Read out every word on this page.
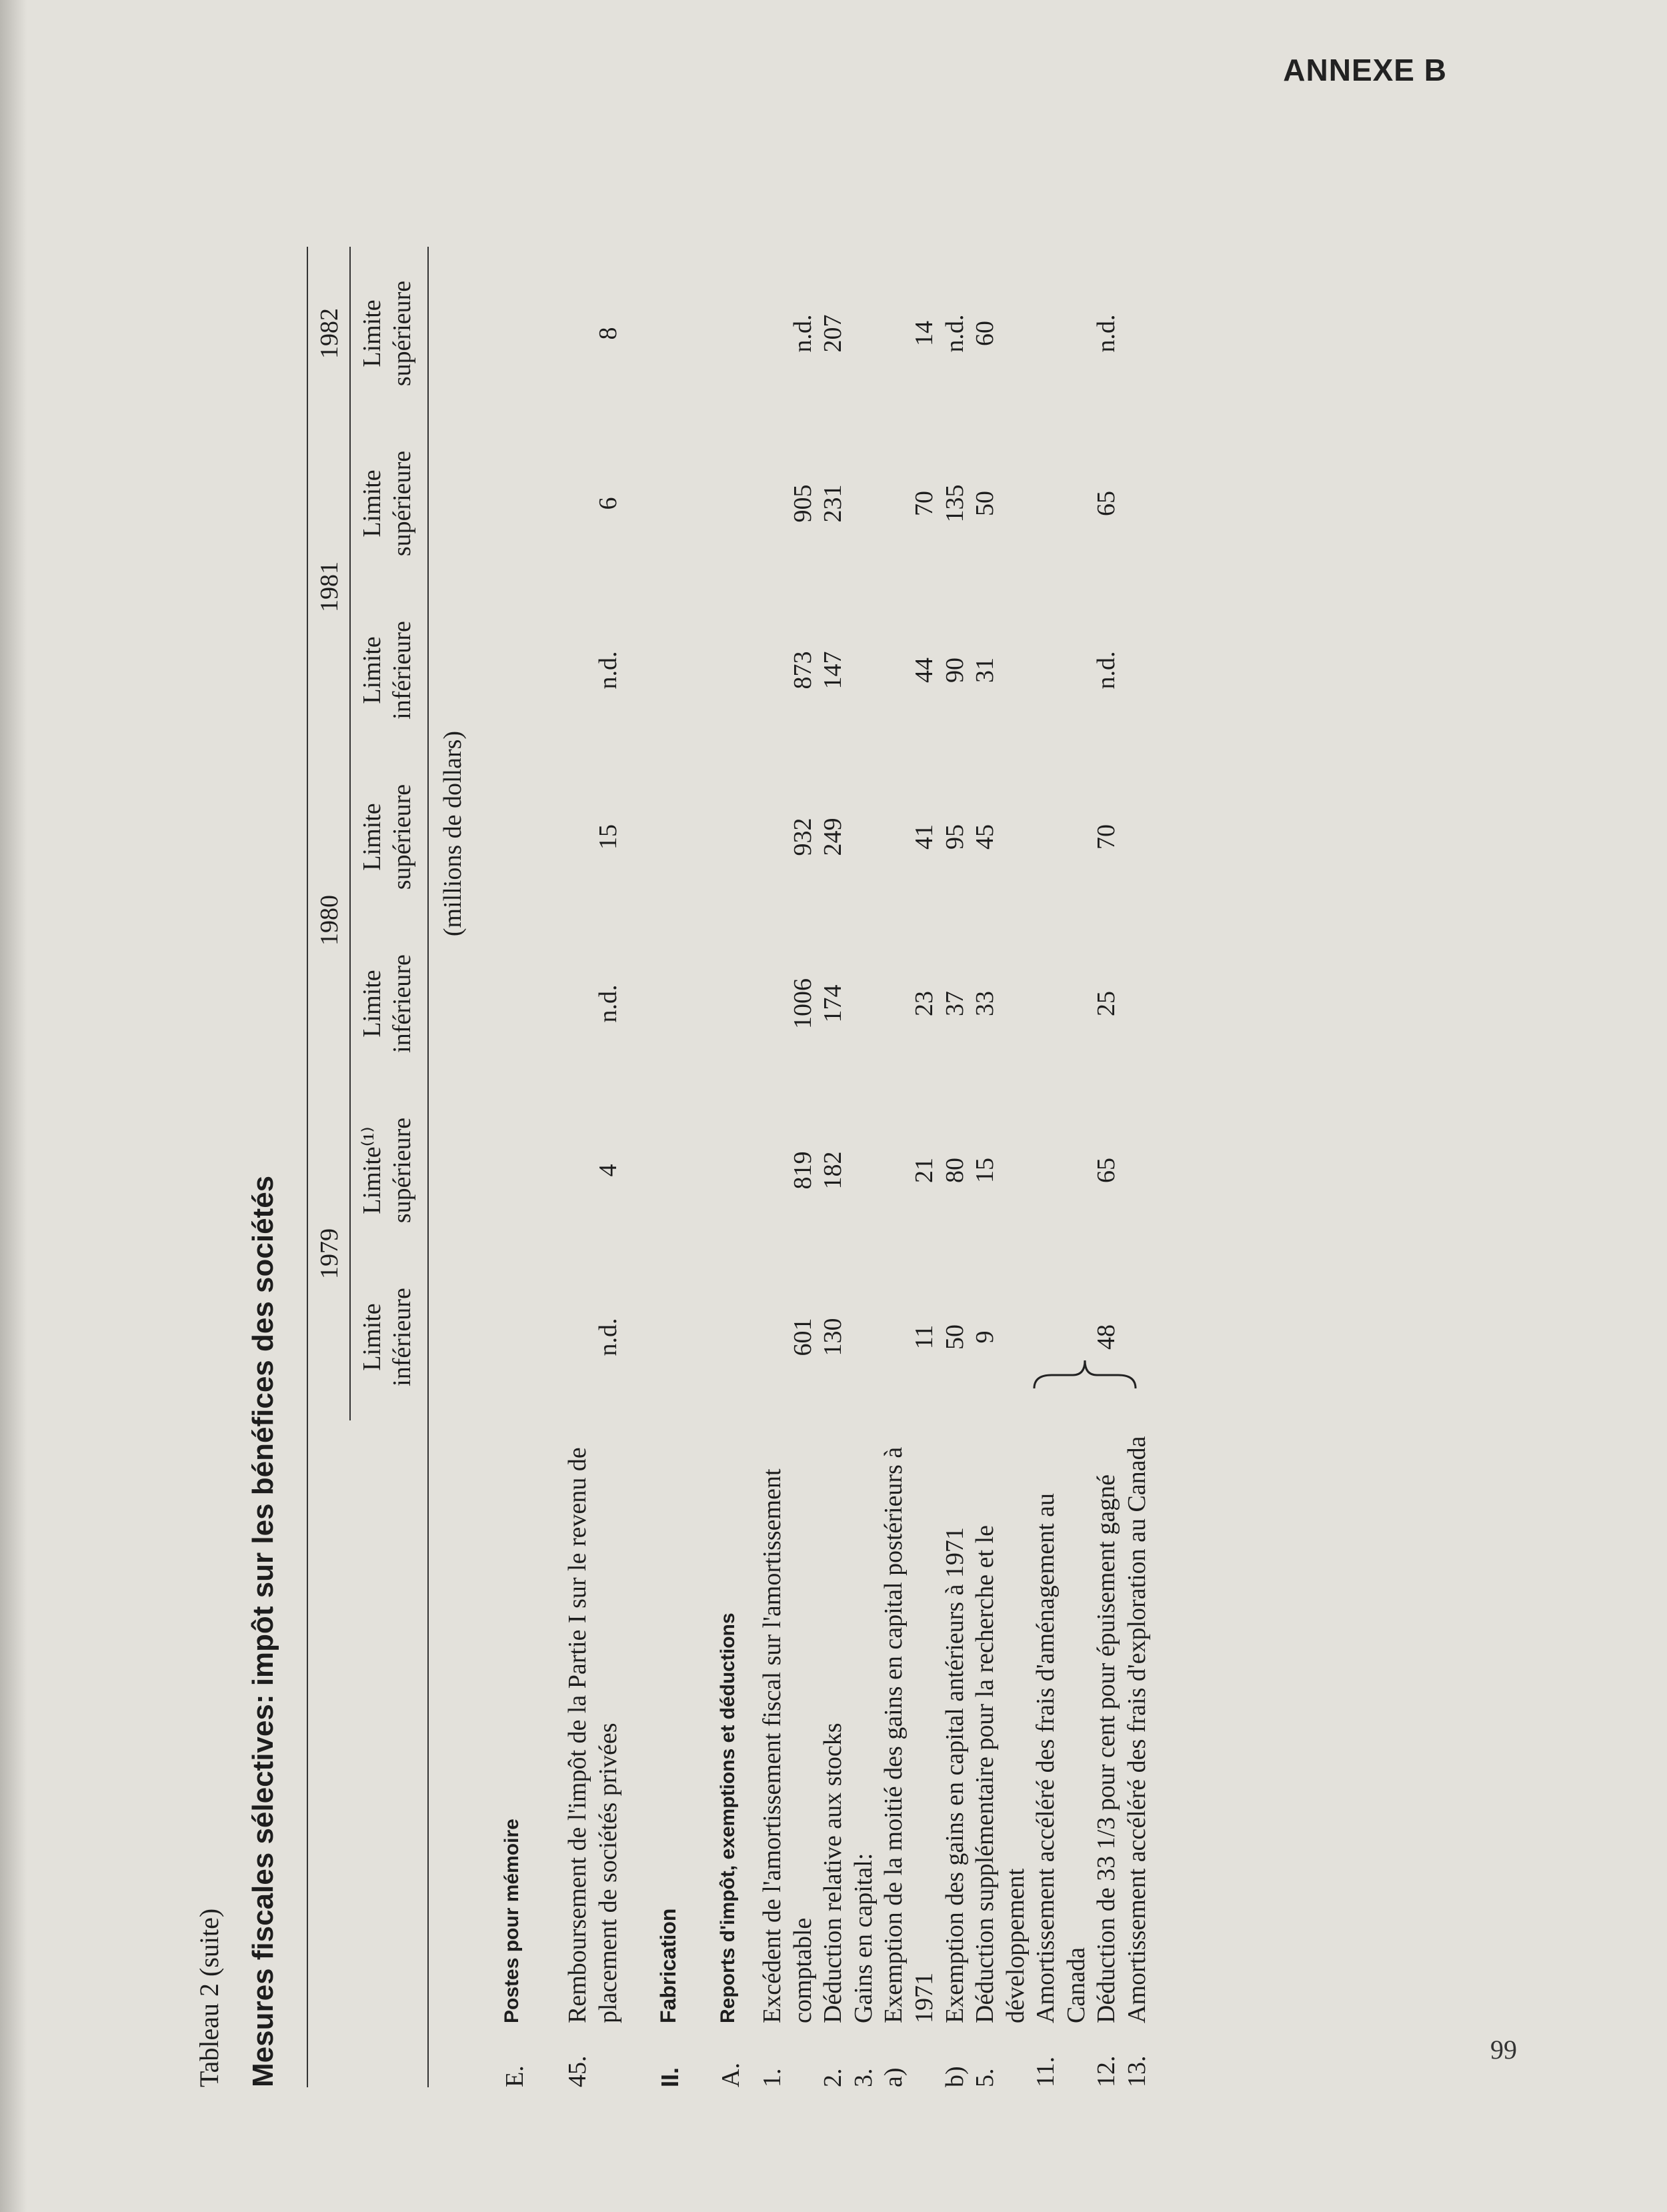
ANNEXE B
99
Tableau 2 (suite) Mesures fiscales sélectives: impôt sur les bénéfices des sociétés

	1979		1980		1981		1982
	Limite inférieure	Limite⁽¹⁾ supérieure	Limite inférieure	Limite supérieure	Limite inférieure	Limite supérieure	Limite supérieure
	(millions de dollars)						

E.
Postes pour mémoire							

45.
Remboursement de l'impôt de la Partie I sur le revenu de placement de sociétés privées	n.d.	4	n.d.	15	n.d.	6	8

II.
Fabrication							

A.
Reports d'impôt, exemptions et déductions							

1.
Excédent de l'amortissement fiscal sur l'amortissement comptable	601	819	1006	932	873	905	n.d.

2.
Déduction relative aux stocks	130	182	174	249	147	231	207

3.
Gains en capital:							

a)
Exemption de la moitié des gains en capital postérieurs à 1971	11	21	23	41	44	70	14

b)
Exemption des gains en capital antérieurs à 1971	50	80	37	95	90	135	n.d.

5.
Déduction supplémentaire pour la recherche et le développement	9	15	33	45	31	50	60

11.
Amortissement accéléré des frais d'aménagement au Canada							

12.
Déduction de 33 1/3 pour cent pour épuisement gagné	48	65	25	70	n.d.	65	n.d.

13.
Amortissement accéléré des frais d'exploration au Canada							
